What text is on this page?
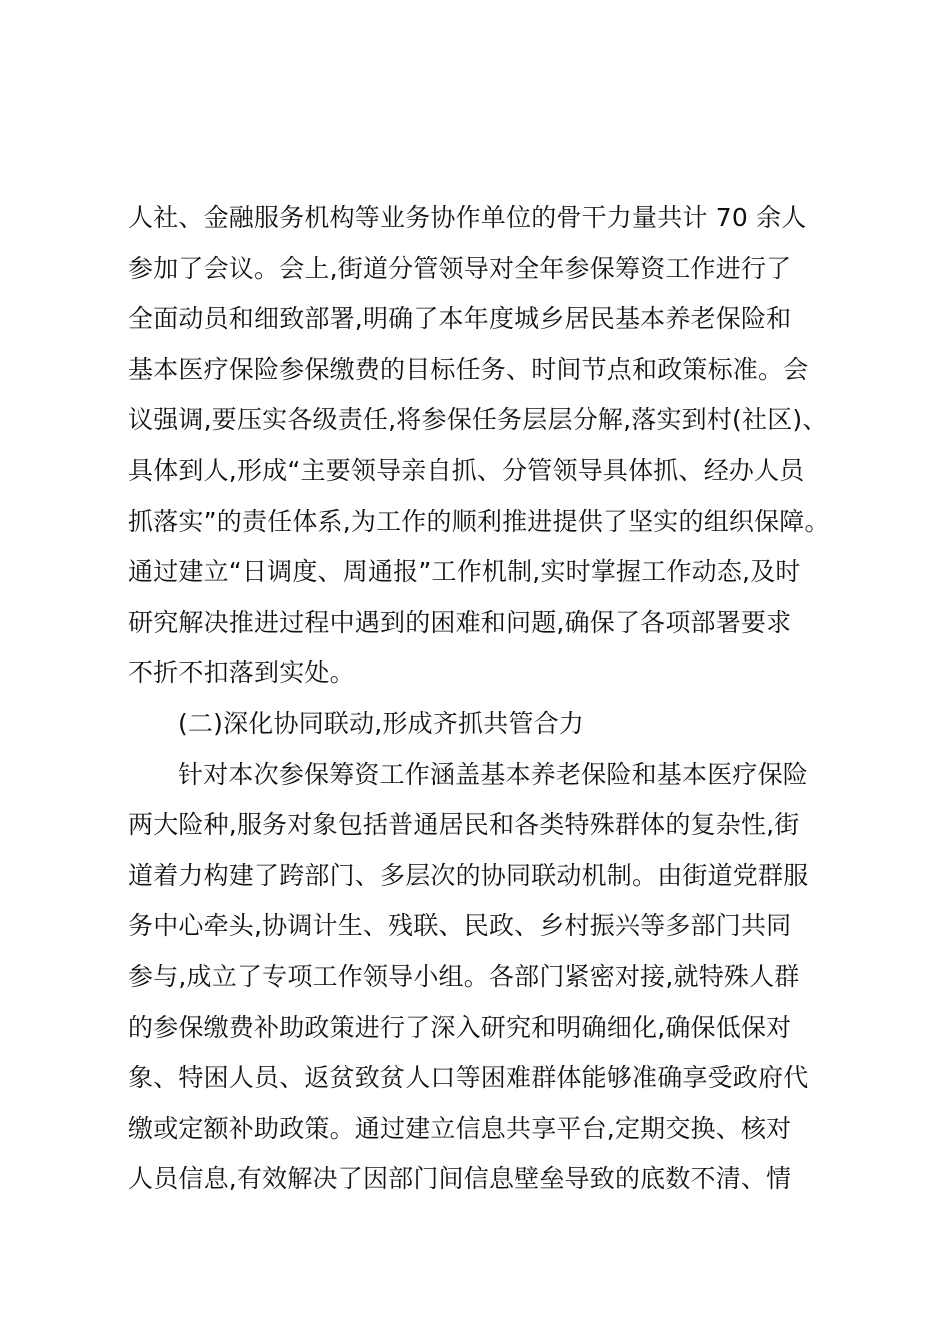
人社、金融服务机构等业务协作单位的骨干力量共计 70 余人
参加了会议。会上,街道分管领导对全年参保筹资工作进行了
全面动员和细致部署,明确了本年度城乡居民基本养老保险和
基本医疗保险参保缴费的目标任务、时间节点和政策标准。会
议强调,要压实各级责任,将参保任务层层分解,落实到村(社区)、
具体到人,形成“主要领导亲自抓、分管领导具体抓、经办人员
抓落实”的责任体系,为工作的顺利推进提供了坚实的组织保障。
通过建立“日调度、周通报”工作机制,实时掌握工作动态,及时
研究解决推进过程中遇到的困难和问题,确保了各项部署要求
不折不扣落到实处。
(二)深化协同联动,形成齐抓共管合力
针对本次参保筹资工作涵盖基本养老保险和基本医疗保险
两大险种,服务对象包括普通居民和各类特殊群体的复杂性,街
道着力构建了跨部门、多层次的协同联动机制。由街道党群服
务中心牵头,协调计生、残联、民政、乡村振兴等多部门共同
参与,成立了专项工作领导小组。各部门紧密对接,就特殊人群
的参保缴费补助政策进行了深入研究和明确细化,确保低保对
象、特困人员、返贫致贫人口等困难群体能够准确享受政府代
缴或定额补助政策。通过建立信息共享平台,定期交换、核对
人员信息,有效解决了因部门间信息壁垒导致的底数不清、情
